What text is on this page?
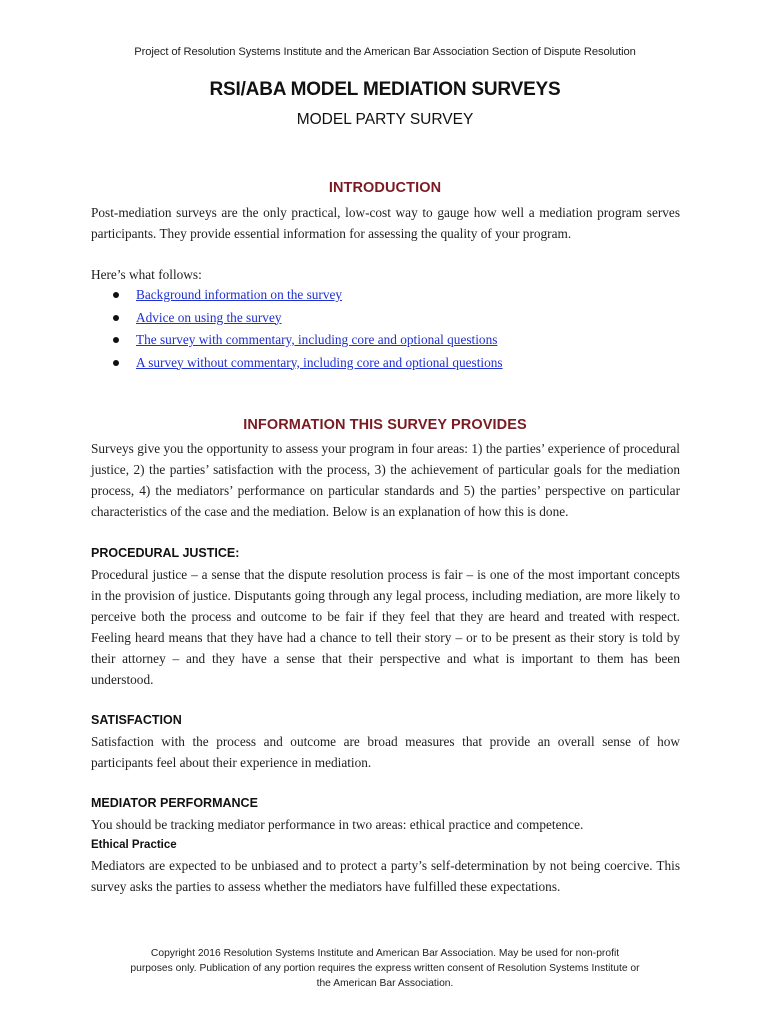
Project of Resolution Systems Institute and the American Bar Association Section of Dispute Resolution
RSI/ABA MODEL MEDIATION SURVEYS
MODEL PARTY SURVEY
INTRODUCTION

Post-mediation surveys are the only practical, low-cost way to gauge how well a mediation program serves participants. They provide essential information for assessing the quality of your program.

Here’s what follows:

Background information on the survey
Advice on using the survey
The survey with commentary, including core and optional questions
A survey without commentary, including core and optional questions
INFORMATION THIS SURVEY PROVIDES

Surveys give you the opportunity to assess your program in four areas: 1) the parties’ experience of procedural justice, 2) the parties’ satisfaction with the process, 3) the achievement of particular goals for the mediation process, 4) the mediators’ performance on particular standards and 5) the parties’ perspective on particular characteristics of the case and the mediation. Below is an explanation of how this is done.

PROCEDURAL JUSTICE:

Procedural justice – a sense that the dispute resolution process is fair – is one of the most important concepts in the provision of justice. Disputants going through any legal process, including mediation, are more likely to perceive both the process and outcome to be fair if they feel that they are heard and treated with respect. Feeling heard means that they have had a chance to tell their story – or to be present as their story is told by their attorney – and they have a sense that their perspective and what is important to them has been understood.

SATISFACTION

Satisfaction with the process and outcome are broad measures that provide an overall sense of how participants feel about their experience in mediation.

MEDIATOR PERFORMANCE

You should be tracking mediator performance in two areas: ethical practice and competence.

Ethical Practice

Mediators are expected to be unbiased and to protect a party’s self-determination by not being coercive. This survey asks the parties to assess whether the mediators have fulfilled these expectations.

Copyright 2016 Resolution Systems Institute and American Bar Association. May be used for non-profit
purposes only. Publication of any portion requires the express written consent of Resolution Systems Institute or
the American Bar Association.
